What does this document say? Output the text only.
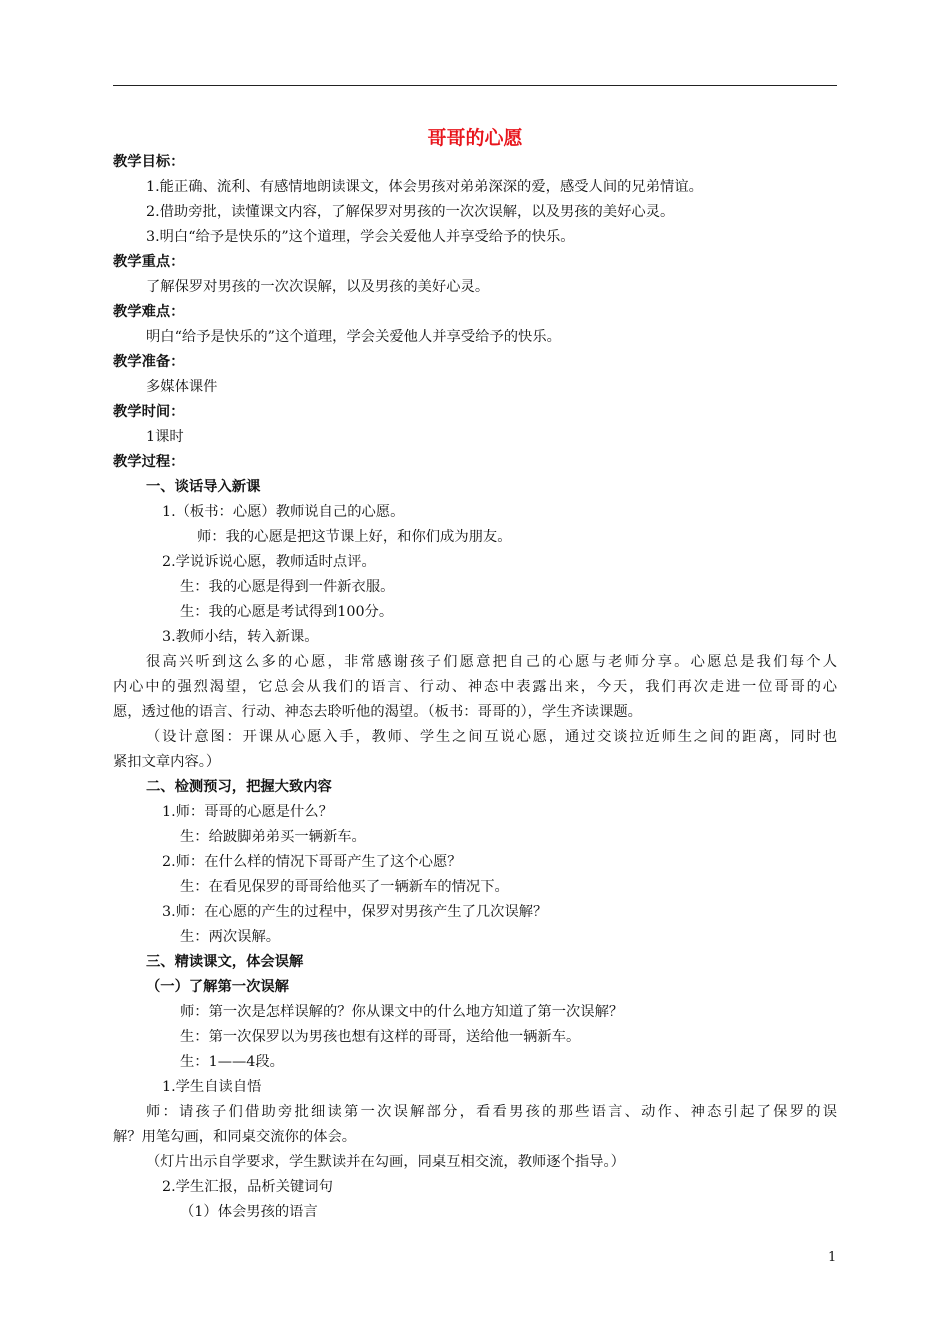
哥哥的心愿
教学目标：
1.能正确、流利、有感情地朗读课文，体会男孩对弟弟深深的爱，感受人间的兄弟情谊。
2.借助旁批，读懂课文内容，了解保罗对男孩的一次次误解，以及男孩的美好心灵。
3.明白“给予是快乐的”这个道理，学会关爱他人并享受给予的快乐。
教学重点：
了解保罗对男孩的一次次误解，以及男孩的美好心灵。
教学难点：
明白“给予是快乐的”这个道理，学会关爱他人并享受给予的快乐。
教学准备：
多媒体课件
教学时间：
1课时
教学过程：
一、谈话导入新课
1.（板书：心愿）教师说自己的心愿。
师：我的心愿是把这节课上好，和你们成为朋友。
2.学说诉说心愿，教师适时点评。
生：我的心愿是得到一件新衣服。
生：我的心愿是考试得到100分。
3.教师小结，转入新课。
很高兴听到这么多的心愿，非常感谢孩子们愿意把自己的心愿与老师分享。心愿总是我们每个人
内心中的强烈渴望，它总会从我们的语言、行动、神态中表露出来，今天，我们再次走进一位哥哥的心
愿，透过他的语言、行动、神态去聆听他的渴望。（板书：哥哥的），学生齐读课题。
（设计意图：开课从心愿入手，教师、学生之间互说心愿，通过交谈拉近师生之间的距离，同时也
紧扣文章内容。）
二、检测预习，把握大致内容
1.师：哥哥的心愿是什么？
生：给跛脚弟弟买一辆新车。
2.师：在什么样的情况下哥哥产生了这个心愿？
生：在看见保罗的哥哥给他买了一辆新车的情况下。
3.师：在心愿的产生的过程中，保罗对男孩产生了几次误解？
生：两次误解。
三、精读课文，体会误解
（一）了解第一次误解
师：第一次是怎样误解的？你从课文中的什么地方知道了第一次误解？
生：第一次保罗以为男孩也想有这样的哥哥，送给他一辆新车。
生：1——4段。
1.学生自读自悟
师：请孩子们借助旁批细读第一次误解部分，看看男孩的那些语言、动作、神态引起了保罗的误
解？用笔勾画，和同桌交流你的体会。
（灯片出示自学要求，学生默读并在勾画，同桌互相交流，教师逐个指导。）
2.学生汇报，品析关键词句
（1）体会男孩的语言
1
